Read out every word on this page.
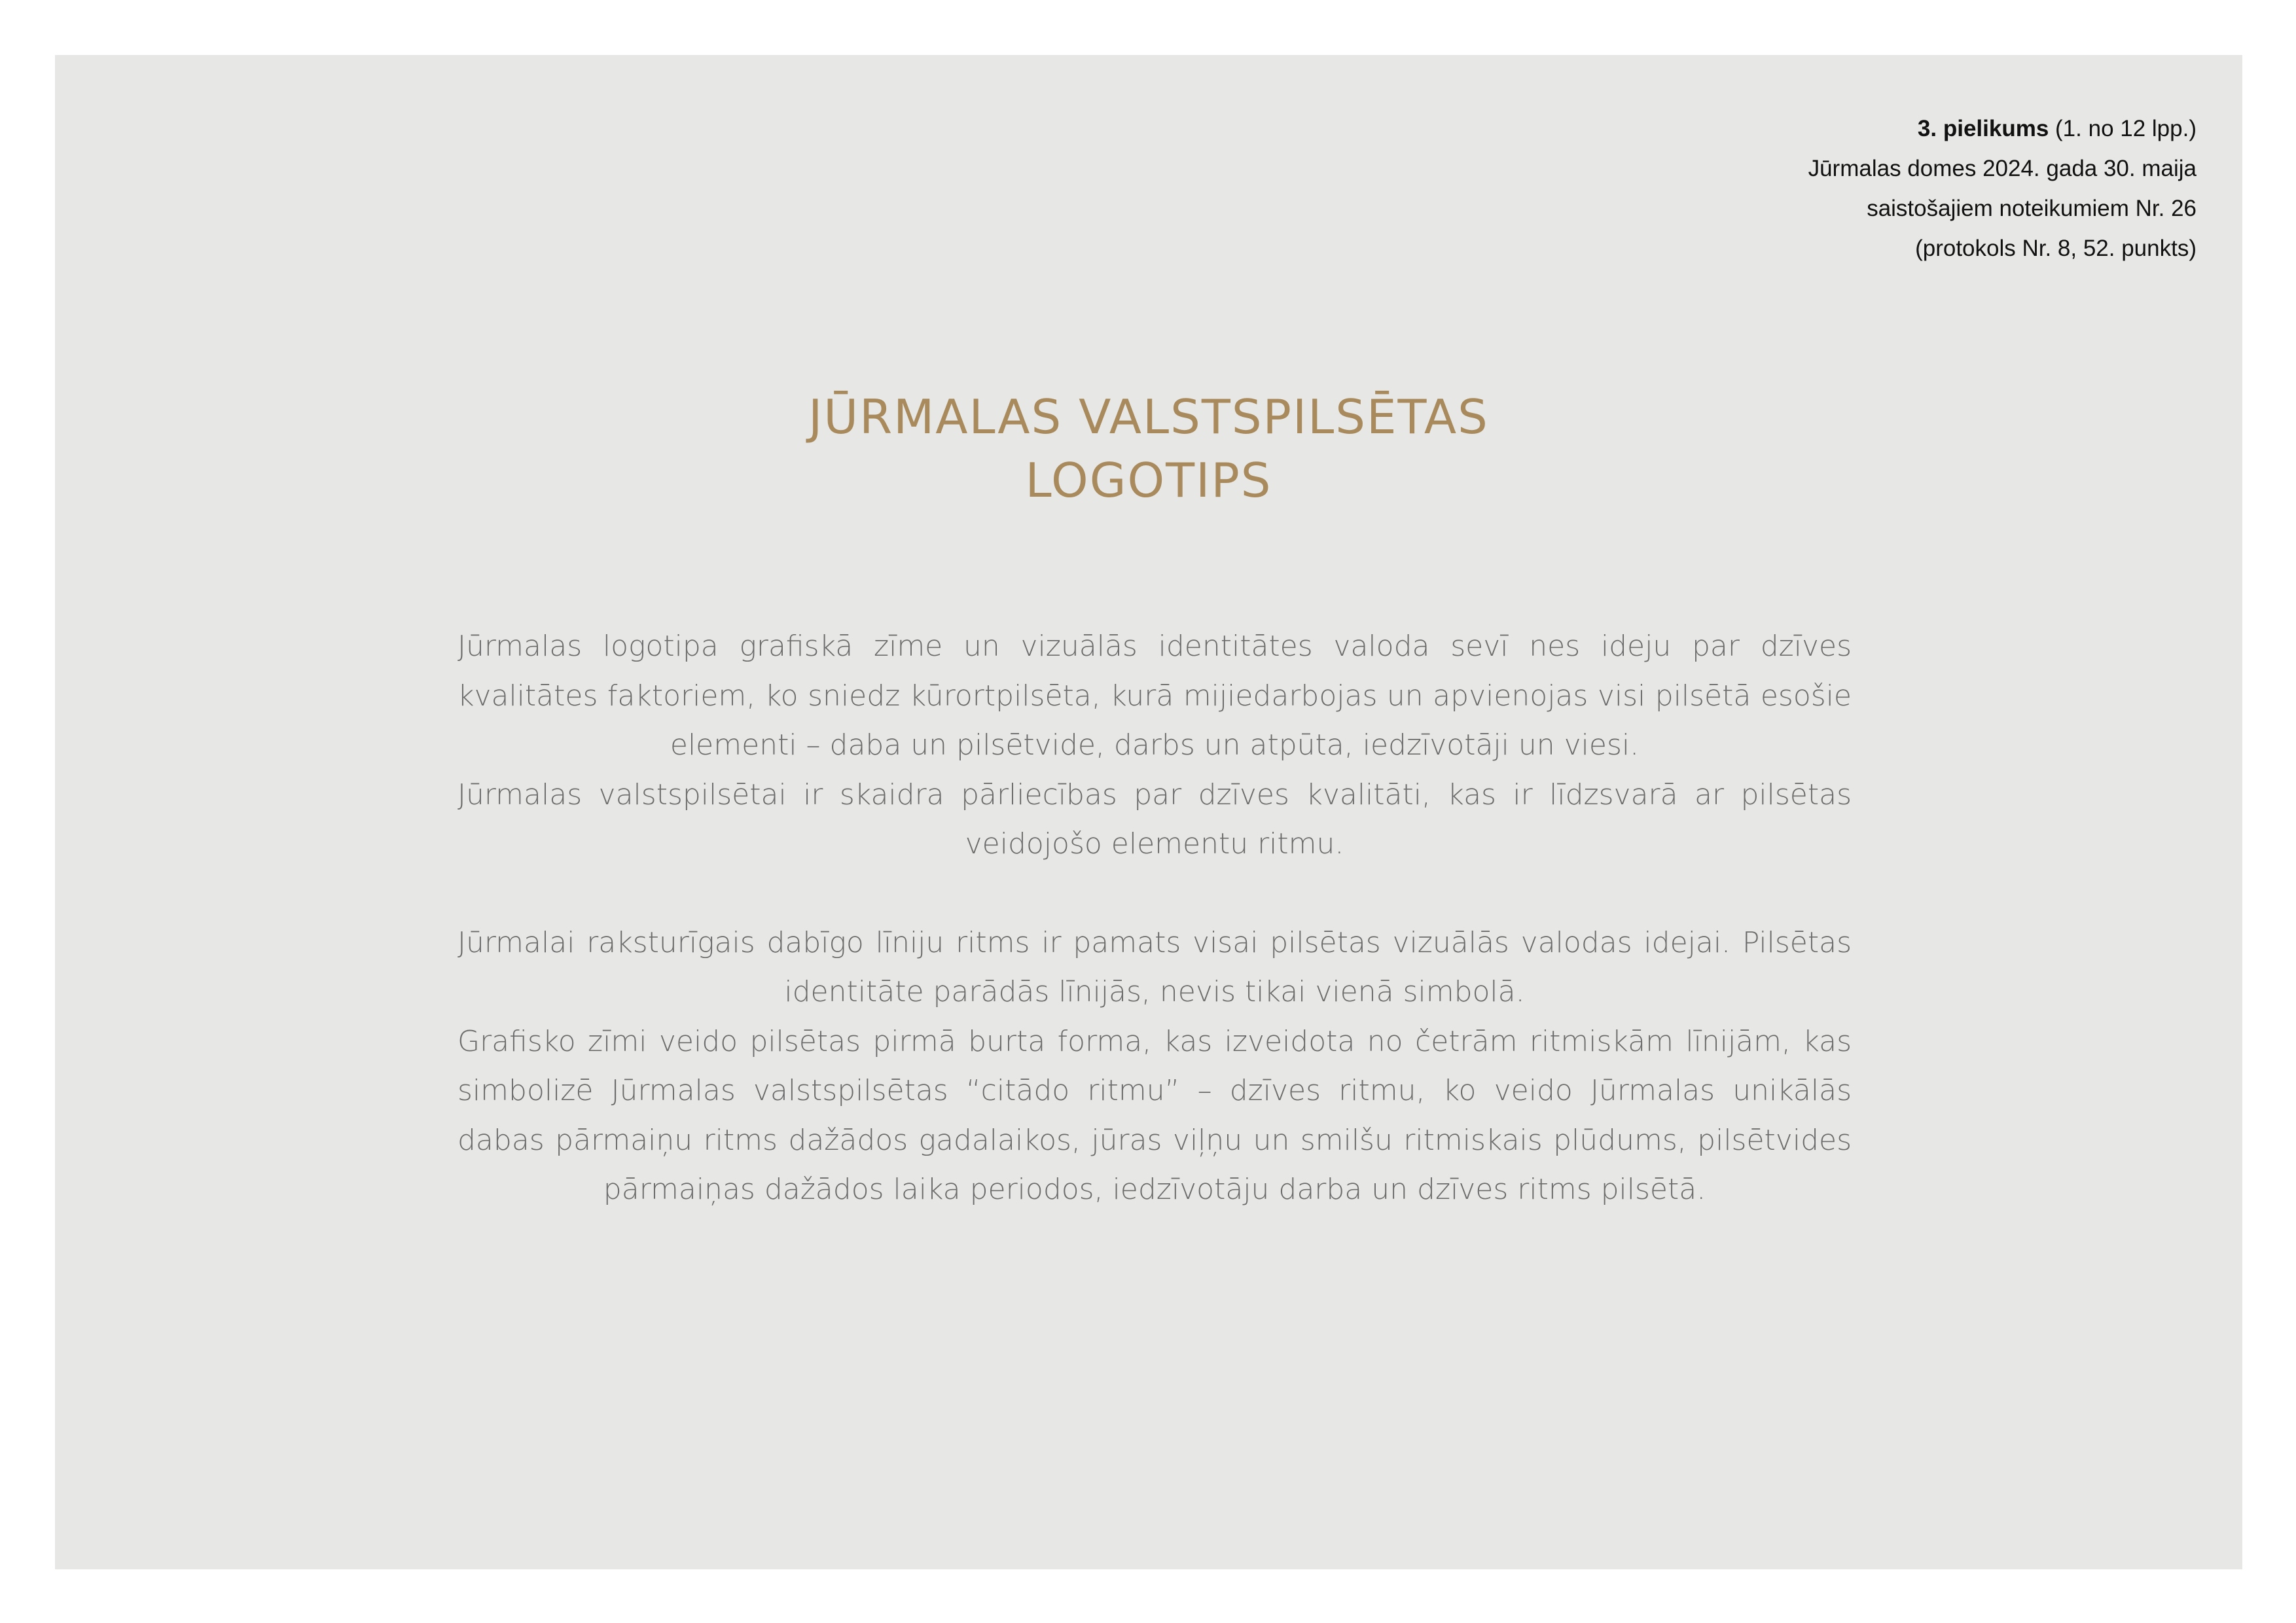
3. pielikums (1. no 12 lpp.)
Jūrmalas domes 2024. gada 30. maija
saistošajiem noteikumiem Nr. 26
(protokols Nr. 8, 52. punkts)
JŪRMALAS VALSTSPILSĒTAS
LOGOTIPS

Jūrmalas logotipa grafiskā zīme un vizuālās identitātes valoda sevī nes ideju par dzīves kvalitātes faktoriem, ko sniedz kūrortpilsēta, kurā mijiedarbojas un apvienojas visi pilsētā esošie elementi – daba un pilsētvide, darbs un atpūta, iedzīvotāji un viesi.

Jūrmalas valstspilsētai ir skaidra pārliecības par dzīves kvalitāti, kas ir līdzsvarā ar pilsētas veidojošo elementu ritmu.

Jūrmalai raksturīgais dabīgo līniju ritms ir pamats visai pilsētas vizuālās valodas idejai. Pilsētas identitāte parādās līnijās, nevis tikai vienā simbolā.

Grafisko zīmi veido pilsētas pirmā burta forma, kas izveidota no četrām ritmiskām līnijām, kas simbolizē Jūrmalas valstspilsētas “citādo ritmu” – dzīves ritmu, ko veido Jūrmalas unikālās dabas pārmaiņu ritms dažādos gadalaikos, jūras viļņu un smilšu ritmiskais plūdums, pilsētvides pārmaiņas dažādos laika periodos, iedzīvotāju darba un dzīves ritms pilsētā.
